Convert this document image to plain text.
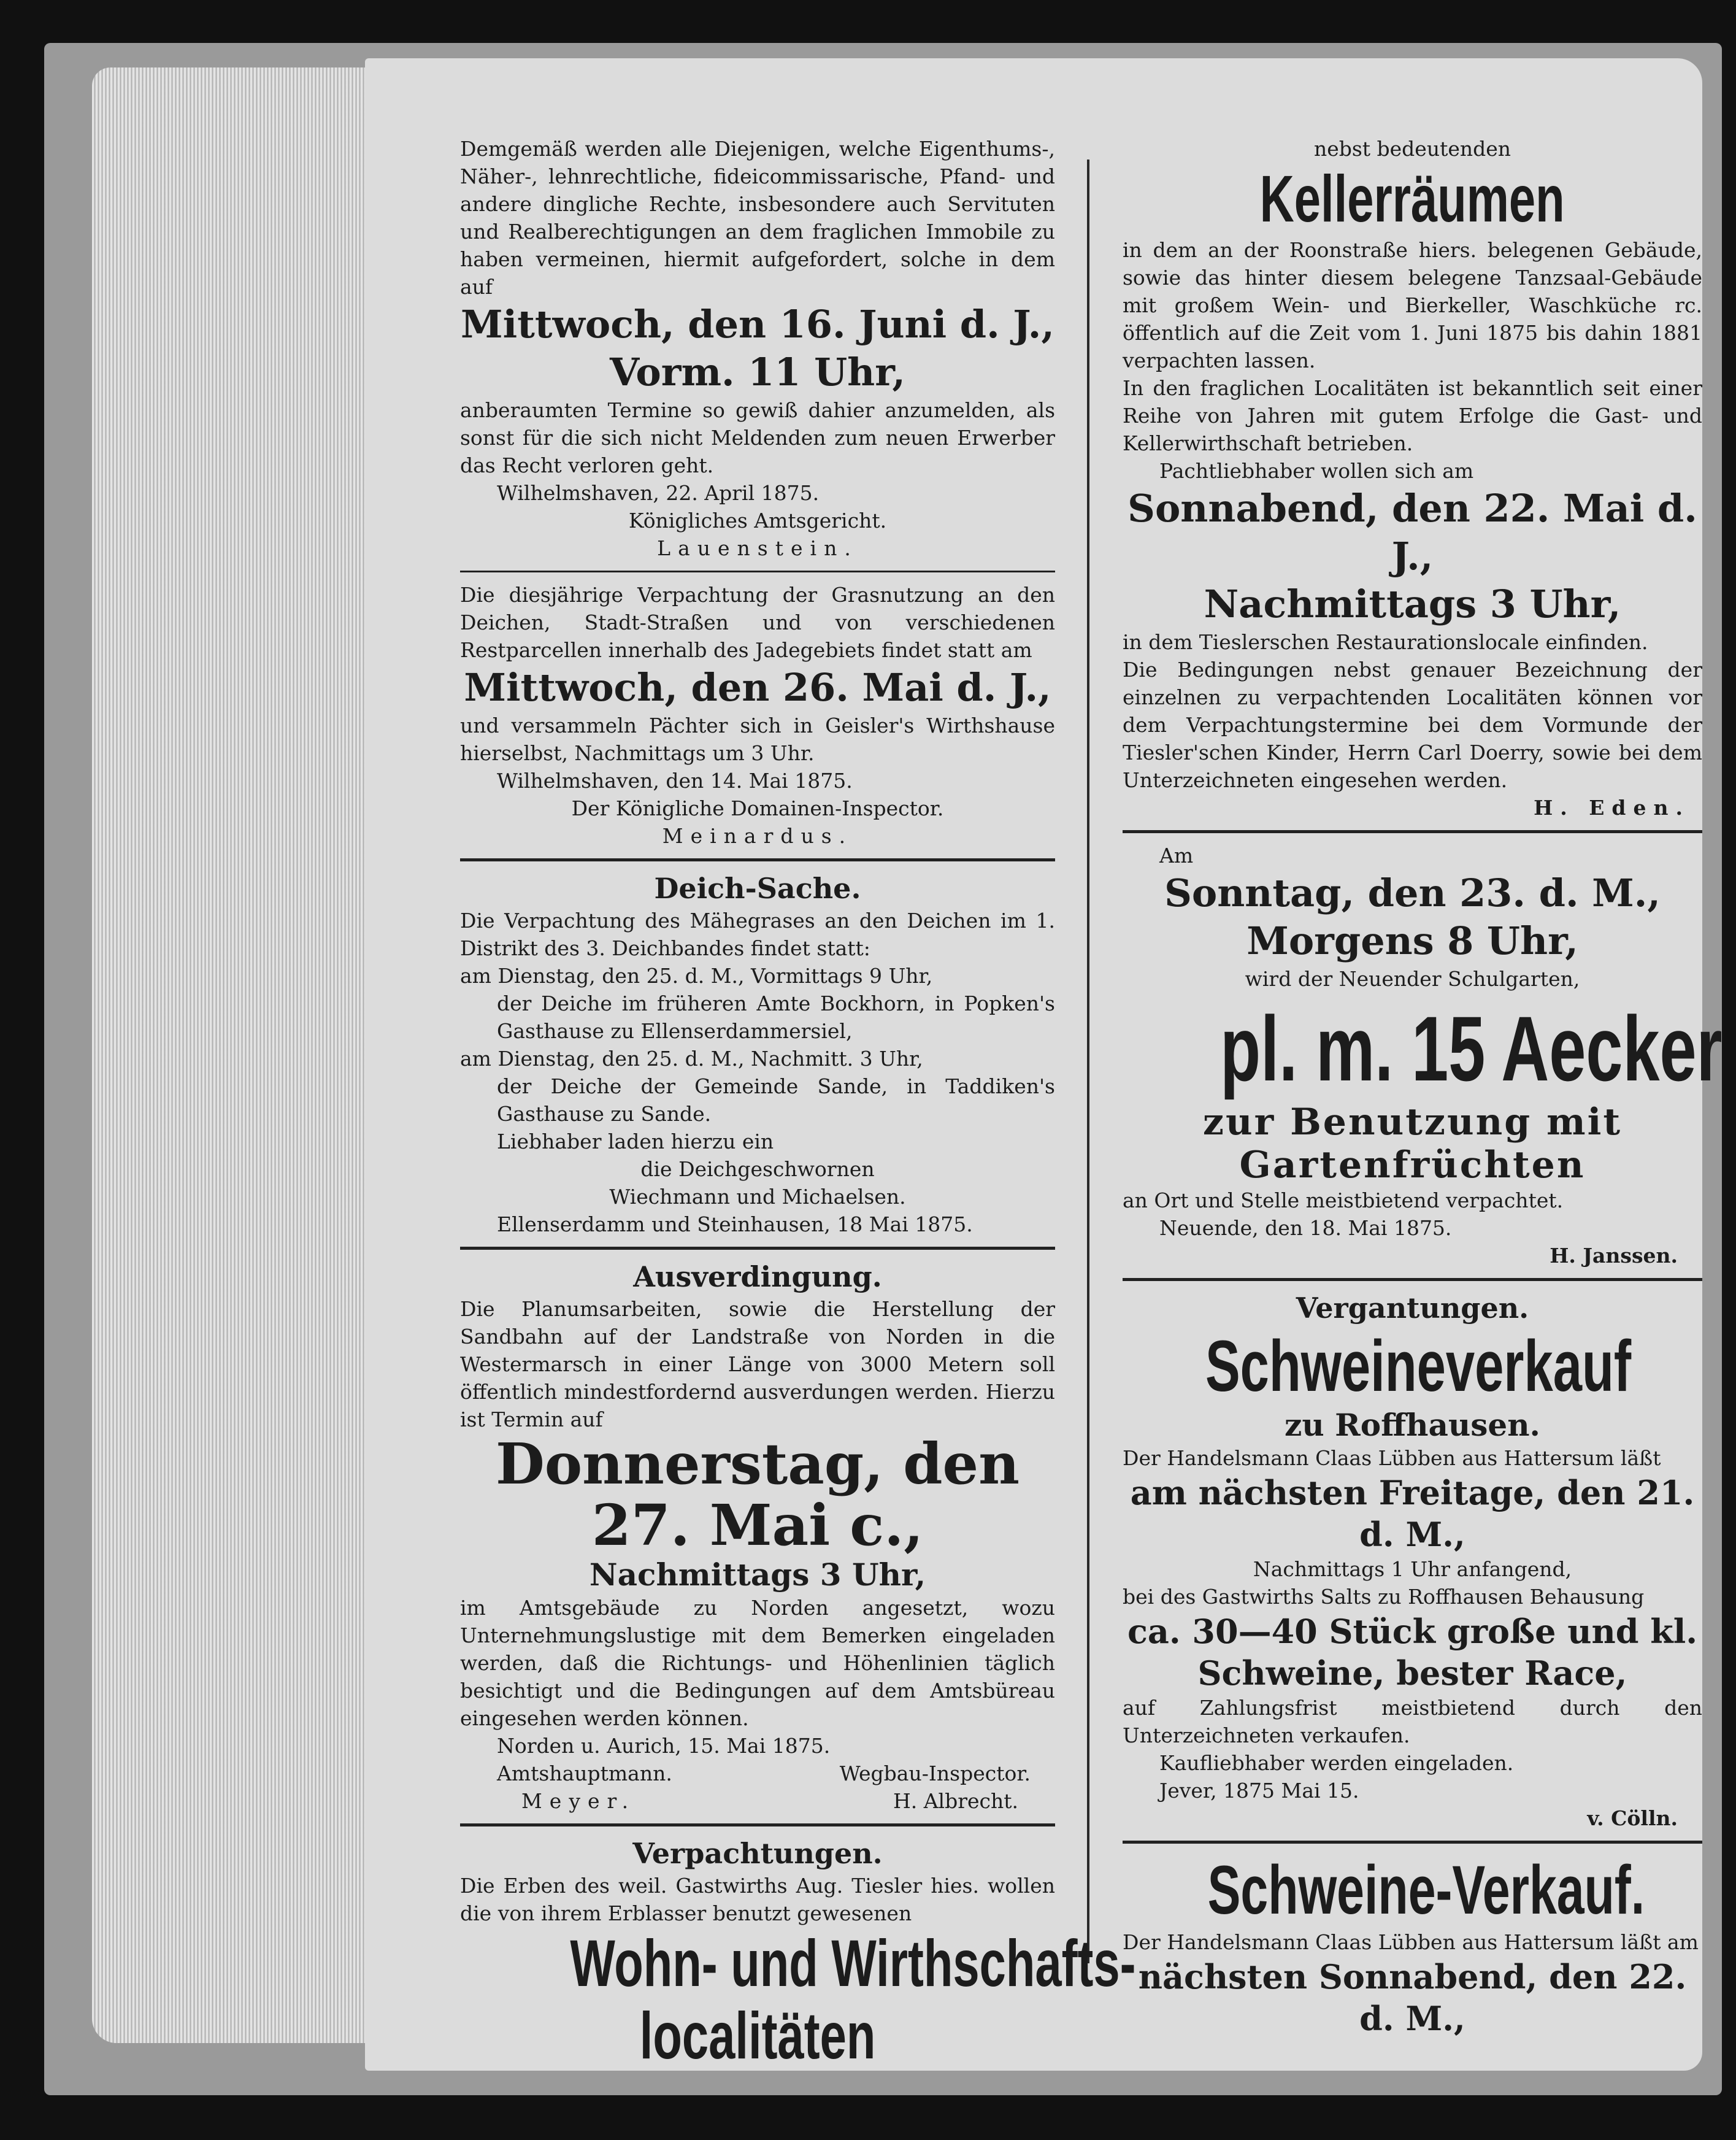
Demgemäß werden alle Diejenigen, welche Eigenthums-, Näher-, lehnrechtliche, fideicommissarische, Pfand- und andere dingliche Rechte, insbesondere auch Servituten und Realberechtigungen an dem fraglichen Immobile zu haben vermeinen, hiermit aufgefordert, solche in dem auf

Mittwoch, den 16. Juni d. J.,

Vorm. 11 Uhr,

anberaumten Termine so gewiß dahier anzumelden, als sonst für die sich nicht Meldenden zum neuen Erwerber das Recht verloren geht.

Wilhelmshaven, 22. April 1875.

Königliches Amtsgericht.

Lauenstein.

Die diesjährige Verpachtung der Grasnutzung an den Deichen, Stadt-Straßen und von verschiedenen Restparcellen innerhalb des Jadegebiets findet statt am

Mittwoch, den 26. Mai d. J.,

und versammeln Pächter sich in Geisler's Wirthshause hierselbst, Nachmittags um 3 Uhr.

Wilhelmshaven, den 14. Mai 1875.

Der Königliche Domainen-Inspector.

Meinardus.

Deich-Sache.

Die Verpachtung des Mähegrases an den Deichen im 1. Distrikt des 3. Deichbandes findet statt:

am Dienstag, den 25. d. M., Vormittags 9 Uhr,

der Deiche im früheren Amte Bockhorn, in Popken's Gasthause zu Ellenserdammersiel,

am Dienstag, den 25. d. M., Nachmitt. 3 Uhr,

der Deiche der Gemeinde Sande, in Taddiken's Gasthause zu Sande.

Liebhaber laden hierzu ein

die Deichgeschwornen

Wiechmann und Michaelsen.

Ellenserdamm und Steinhausen, 18 Mai 1875.

Ausverdingung.

Die Planumsarbeiten, sowie die Herstellung der Sandbahn auf der Landstraße von Norden in die Westermarsch in einer Länge von 3000 Metern soll öffentlich mindestfordernd ausverdungen werden. Hierzu ist Termin auf

Donnerstag, den 27. Mai c.,

Nachmittags 3 Uhr,

im Amtsgebäude zu Norden angesetzt, wozu Unternehmungslustige mit dem Bemerken eingeladen werden, daß die Richtungs- und Höhenlinien täglich besichtigt und die Bedingungen auf dem Amtsbüreau eingesehen werden können.

Norden u. Aurich, 15. Mai 1875.

Amtshauptmann.	Wegbau-Inspector.
Meyer.	H. Albrecht.

Verpachtungen.

Die Erben des weil. Gastwirths Aug. Tiesler hies. wollen die von ihrem Erblasser benutzt gewesenen

Wohn- und Wirthschafts-

localitäten

nebst bedeutenden

Kellerräumen

in dem an der Roonstraße hiers. belegenen Gebäude, sowie das hinter diesem belegene Tanzsaal-Gebäude mit großem Wein- und Bierkeller, Waschküche rc. öffentlich auf die Zeit vom 1. Juni 1875 bis dahin 1881 verpachten lassen.

In den fraglichen Localitäten ist bekanntlich seit einer Reihe von Jahren mit gutem Erfolge die Gast- und Kellerwirthschaft betrieben.

Pachtliebhaber wollen sich am

Sonnabend, den 22. Mai d. J.,

Nachmittags 3 Uhr,

in dem Tieslerschen Restaurationslocale einfinden.

Die Bedingungen nebst genauer Bezeichnung der einzelnen zu verpachtenden Localitäten können vor dem Verpachtungstermine bei dem Vormunde der Tiesler'schen Kinder, Herrn Carl Doerry, sowie bei dem Unterzeichneten eingesehen werden.

H. Eden.

Am

Sonntag, den 23. d. M.,

Morgens 8 Uhr,

wird der Neuender Schulgarten,

pl. m. 15 Aecker

zur Benutzung mit

Gartenfrüchten

an Ort und Stelle meistbietend verpachtet.

Neuende, den 18. Mai 1875.

H. Janssen.

Vergantungen.

Schweineverkauf

zu Roffhausen.

Der Handelsmann Claas Lübben aus Hattersum läßt

am nächsten Freitage, den 21. d. M.,

Nachmittags 1 Uhr anfangend,

bei des Gastwirths Salts zu Roffhausen Behausung

ca. 30—40 Stück große und kl.

Schweine, bester Race,

auf Zahlungsfrist meistbietend durch den Unterzeichneten verkaufen.

Kaufliebhaber werden eingeladen.

Jever, 1875 Mai 15.

v. Cölln.

Schweine-Verkauf.

Der Handelsmann Claas Lübben aus Hattersum läßt am

nächsten Sonnabend, den 22. d. M.,
